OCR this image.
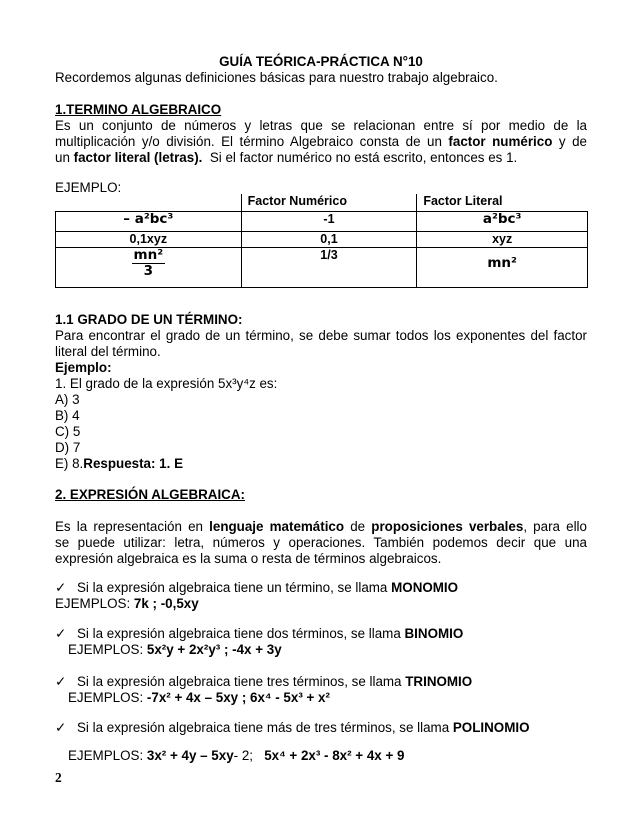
GUÍA TEÓRICA-PRÁCTICA N°10
Recordemos algunas definiciones básicas para nuestro trabajo algebraico.
1.TERMINO ALGEBRAICO
Es un conjunto de números y letras que se relacionan entre sí por medio de la
multiplicación y/o división. El término Algebraico consta de un factor numérico y de
un factor literal (letras). Si el factor numérico no está escrito, entonces es 1.
EJEMPLO:
	Factor Numérico	Factor Literal
– a²bc³	-1	a²bc³
0,1xyz	0,1	xyz

$\frac{\text{mn²}}{3}$	1/3	mn²
1.1 GRADO DE UN TÉRMINO:
Para encontrar el grado de un término, se debe sumar todos los exponentes del factor
literal del término.
Ejemplo:
1. El grado de la expresión 5x³y⁴z es:
A) 3
B) 4
C) 5
D) 7
E) 8.Respuesta: 1. E
2. EXPRESIÓN ALGEBRAICA:
Es la representación en lenguaje matemático de proposiciones verbales, para ello
se puede utilizar: letra, números y operaciones. También podemos decir que una
expresión algebraica es la suma o resta de términos algebraicos.
✓ Si la expresión algebraica tiene un término, se llama MONOMIO
EJEMPLOS: 7k ; -0,5xy
✓ Si la expresión algebraica tiene dos términos, se llama BINOMIO
EJEMPLOS: 5x²y + 2x²y³ ; -4x + 3y
✓ Si la expresión algebraica tiene tres términos, se llama TRINOMIO
EJEMPLOS: -7x² + 4x – 5xy ; 6x⁴ - 5x³ + x²
✓ Si la expresión algebraica tiene más de tres términos, se llama POLINOMIO
EJEMPLOS: 3x² + 4y – 5xy- 2; 5x⁴ + 2x³ - 8x² + 4x + 9
2
